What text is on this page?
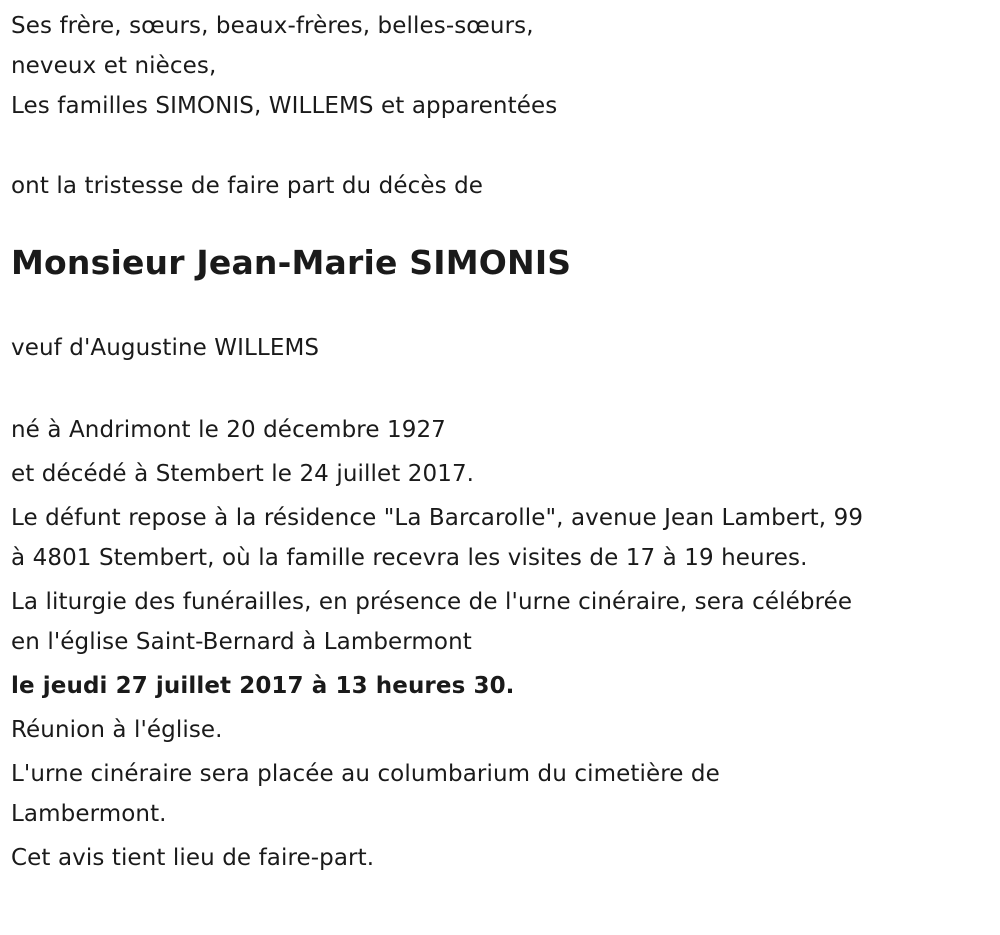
Ses frère, sœurs, beaux-frères, belles-sœurs,
neveux et nièces,
Les familles SIMONIS, WILLEMS et apparentées
ont la tristesse de faire part du décès de
Monsieur Jean-Marie SIMONIS
veuf d'Augustine WILLEMS
né à Andrimont le 20 décembre 1927
et décédé à Stembert le 24 juillet 2017.
Le défunt repose à la résidence "La Barcarolle", avenue Jean Lambert, 99
à 4801 Stembert, où la famille recevra les visites de 17 à 19 heures.
La liturgie des funérailles, en présence de l'urne cinéraire, sera célébrée
en l'église Saint-Bernard à Lambermont
le jeudi 27 juillet 2017 à 13 heures 30.
Réunion à l'église.
L'urne cinéraire sera placée au columbarium du cimetière de
Lambermont.
Cet avis tient lieu de faire-part.
